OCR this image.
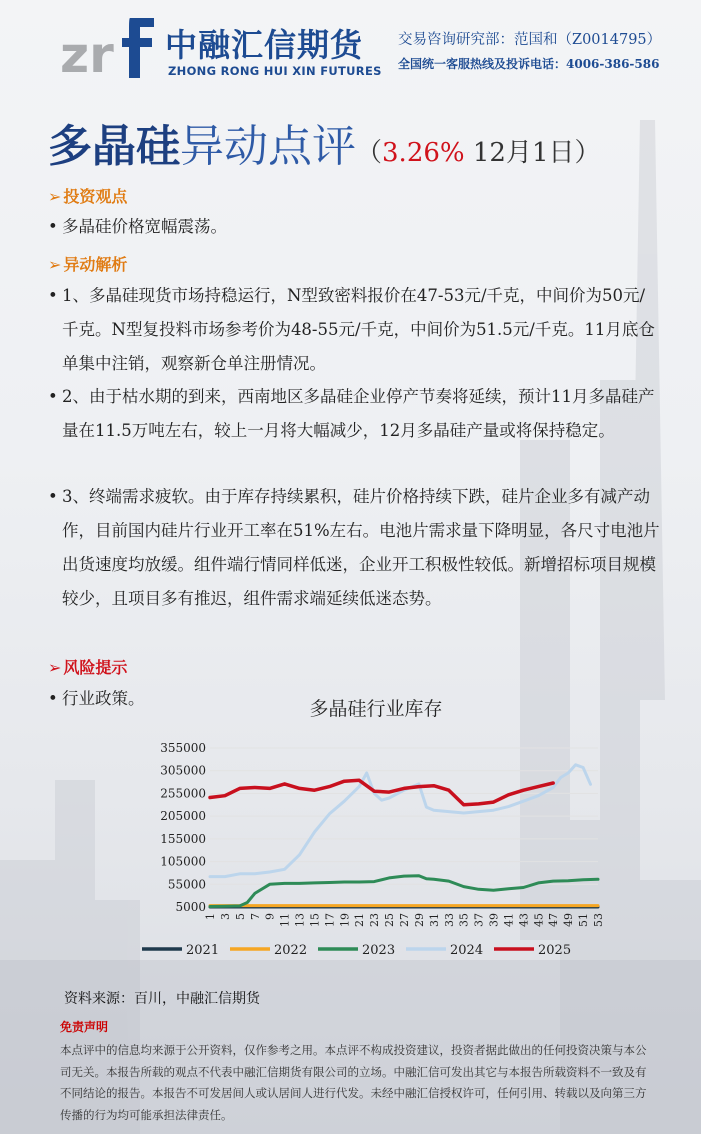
zr 中融汇信期货
ZHONG RONG HUI XIN FUTURES
交易咨询研究部：范国和（Z0014795）
全国统一客服热线及投诉电话：4006-386-586
多晶硅异动点评（3.26% 12月1日）
➢ 投资观点
• 多晶硅价格宽幅震荡。
➢ 异动解析
• 1、多晶硅现货市场持稳运行，N型致密料报价在47-53元/千克，中间价为50元/千克。N型复投料市场参考价为48-55元/千克，中间价为51.5元/千克。11月底仓单集中注销，观察新仓单注册情况。
• 2、由于枯水期的到来，西南地区多晶硅企业停产节奏将延续，预计11月多晶硅产量在11.5万吨左右，较上一月将大幅减少，12月多晶硅产量或将保持稳定。
• 3、终端需求疲软。由于库存持续累积，硅片价格持续下跌，硅片企业多有减产动作，目前国内硅片行业开工率在51%左右。电池片需求量下降明显，各尺寸电池片出货速度均放缓。组件端行情同样低迷，企业开工积极性较低。新增招标项目规模较少，且项目多有推迟，组件需求端延续低迷态势。
➢ 风险提示
• 行业政策。	多晶硅行业库存
5000
55000
105000
155000
205000
255000
305000
355000
1 3 5 7 9 11 13 15 17 19 21 23 25 27 29 31 33 35 37 39 41 43 45 47 49 51 53
2021	2022	2023	2024	2025
资料来源：百川，中融汇信期货
免责声明
本点评中的信息均来源于公开资料，仅作参考之用。本点评不构成投资建议，投资者据此做出的任何投资决策与本公司无关。本报告所载的观点不代表中融汇信期货有限公司的立场。中融汇信可发出其它与本报告所载资料不一致及有不同结论的报告。本报告不可发居间人或认居间人进行代发。未经中融汇信授权许可，任何引用、转载以及向第三方传播的行为均可能承担法律责任。
